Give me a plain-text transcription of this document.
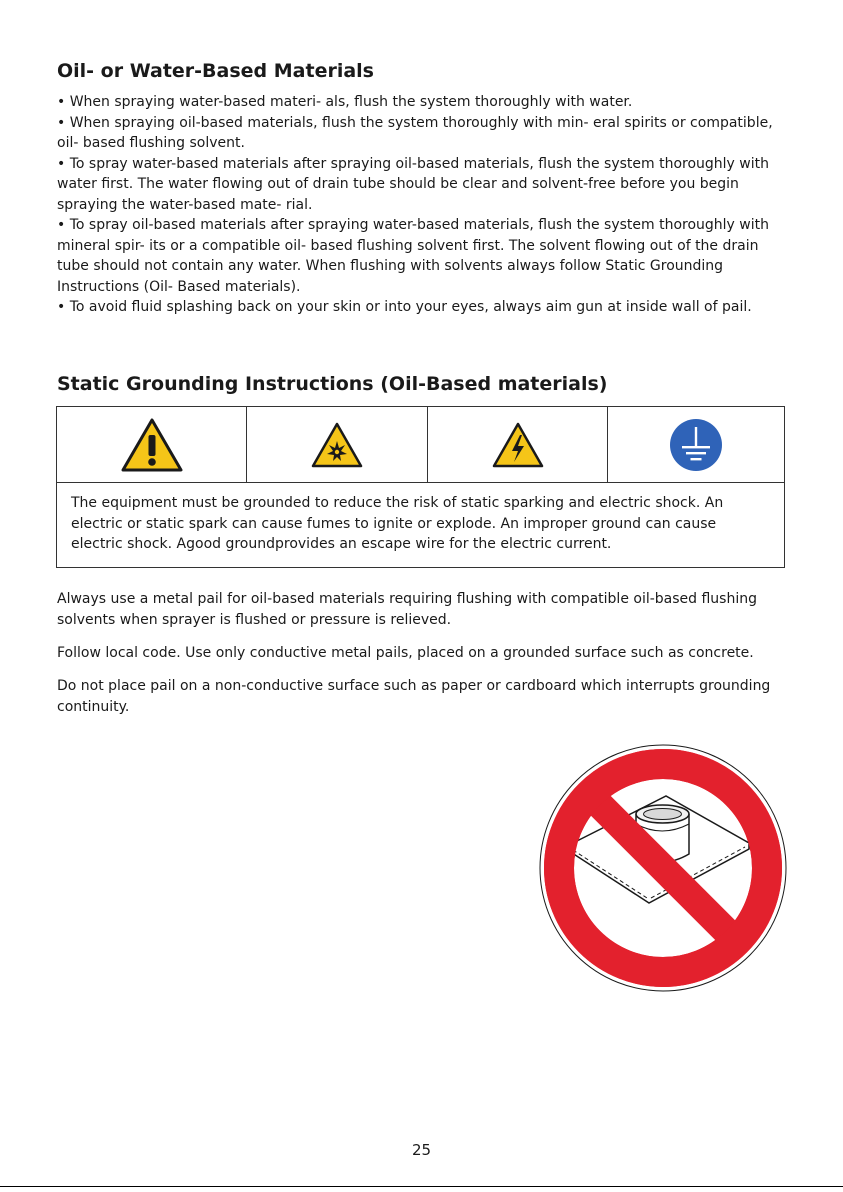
Oil- or Water-Based Materials

• When spraying water-based materi- als, flush the system thoroughly with water.

• When spraying oil-based materials, flush the system thoroughly with min- eral spirits or compatible, oil- based flushing solvent.

• To spray water-based materials after spraying oil-based materials, flush the system thoroughly with water first. The water flowing out of drain tube should be clear and solvent-free before you begin spraying the water-based mate- rial.

• To spray oil-based materials after spraying water-based materials, flush the system thoroughly with mineral spir- its or a compatible oil- based flushing solvent first. The solvent flowing out of the drain tube should not contain any water. When flushing with solvents always follow Static Grounding Instructions (Oil- Based materials).

• To avoid fluid splashing back on your skin or into your eyes, always aim gun at inside wall of pail.

Static Grounding Instructions (Oil-Based materials)
The equipment must be grounded to reduce the risk of static sparking and electric shock. An electric or static spark can cause fumes to ignite or explode. An improper ground can cause electric shock. Agood groundprovides an escape wire for the electric current.

Always use a metal pail for oil-based materials requiring flushing with compatible oil-based flushing solvents when sprayer is flushed or pressure is relieved.

Follow local code. Use only conductive metal pails, placed on a grounded surface such as concrete.

Do not place pail on a non-conductive surface such as paper or cardboard which interrupts grounding continuity.

25
